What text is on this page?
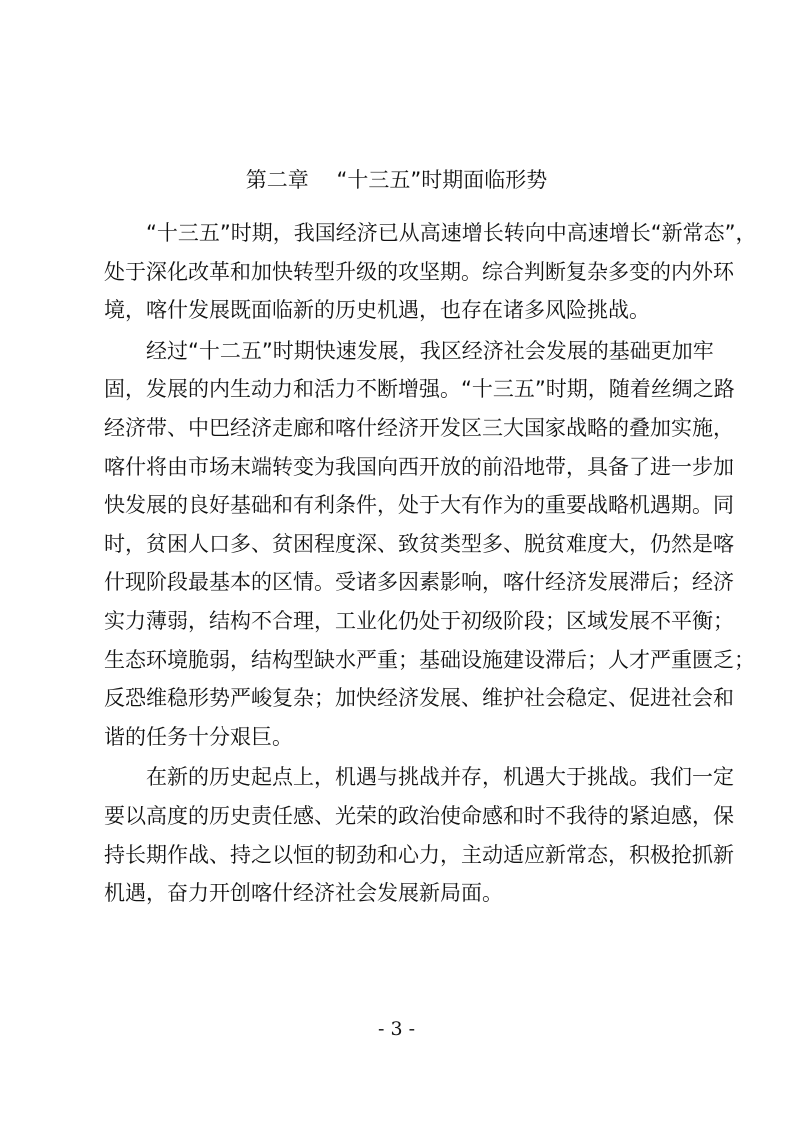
第二章　 “十三五”时期面临形势

“十三五”时期，我国经济已从高速增长转向中高速增长“新常态”，
处于深化改革和加快转型升级的攻坚期。综合判断复杂多变的内外环
境，喀什发展既面临新的历史机遇，也存在诸多风险挑战。

经过“十二五”时期快速发展，我区经济社会发展的基础更加牢
固，发展的内生动力和活力不断增强。“十三五”时期，随着丝绸之路
经济带、中巴经济走廊和喀什经济开发区三大国家战略的叠加实施，
喀什将由市场末端转变为我国向西开放的前沿地带，具备了进一步加
快发展的良好基础和有利条件，处于大有作为的重要战略机遇期。同
时，贫困人口多、贫困程度深、致贫类型多、脱贫难度大，仍然是喀
什现阶段最基本的区情。受诸多因素影响，喀什经济发展滞后；经济
实力薄弱，结构不合理，工业化仍处于初级阶段；区域发展不平衡；
生态环境脆弱，结构型缺水严重；基础设施建设滞后；人才严重匮乏；
反恐维稳形势严峻复杂；加快经济发展、维护社会稳定、促进社会和
谐的任务十分艰巨。

在新的历史起点上，机遇与挑战并存，机遇大于挑战。我们一定
要以高度的历史责任感、光荣的政治使命感和时不我待的紧迫感，保
持长期作战、持之以恒的韧劲和心力，主动适应新常态，积极抢抓新
机遇，奋力开创喀什经济社会发展新局面。

- 3 -
